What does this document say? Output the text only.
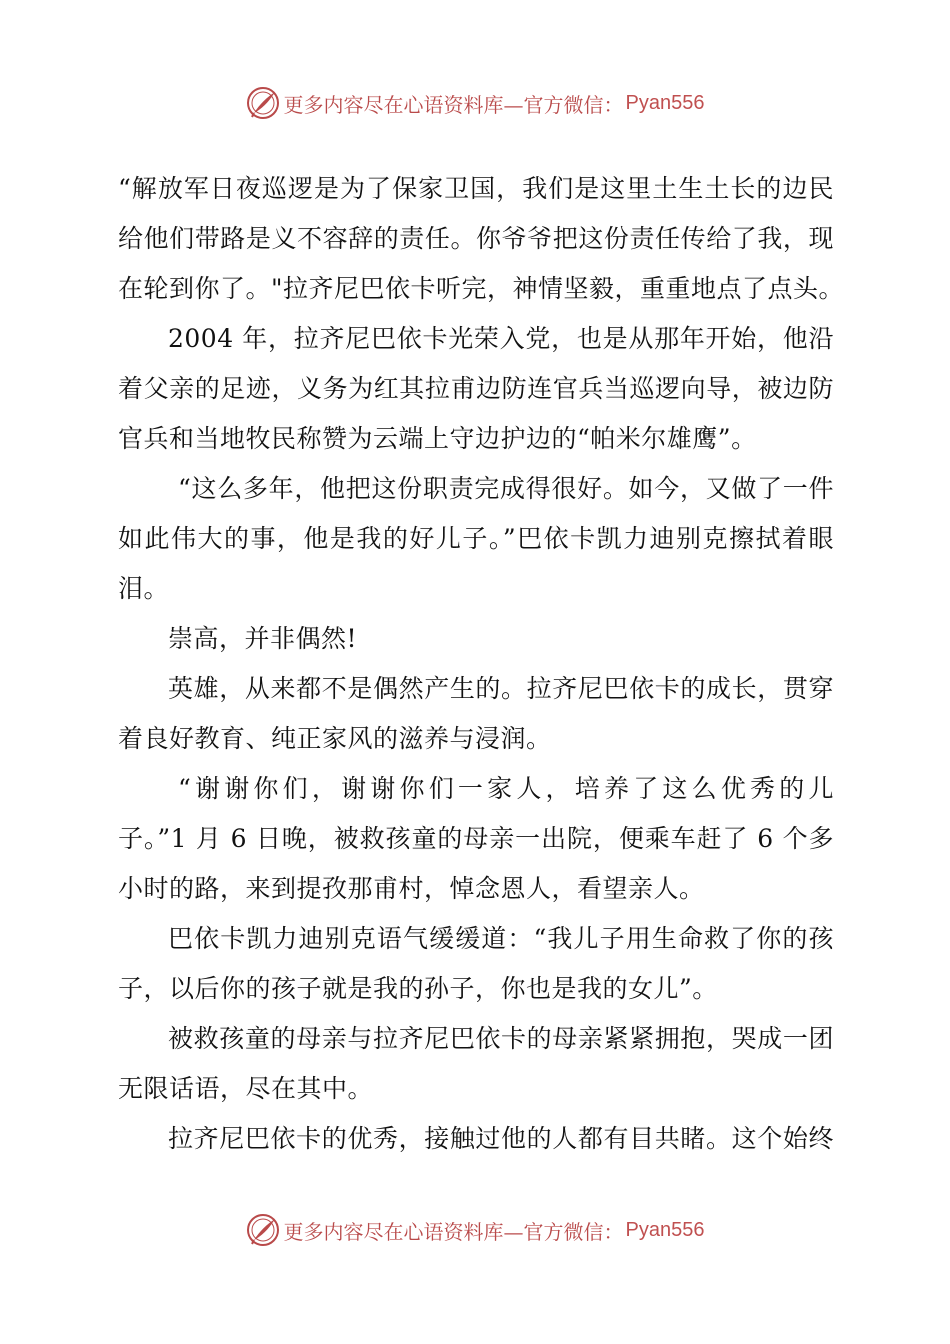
更多内容尽在心语资料库—官方微信： Pyan556
“解放军日夜巡逻是为了保家卫国，我们是这里土生土长的边民
给他们带路是义不容辞的责任。你爷爷把这份责任传给了我，现
在轮到你了。"拉齐尼巴依卡听完，神情坚毅，重重地点了点头。
2004 年，拉齐尼巴依卡光荣入党，也是从那年开始，他沿
着父亲的足迹，义务为红其拉甫边防连官兵当巡逻向导，被边防
官兵和当地牧民称赞为云端上守边护边的“帕米尔雄鹰”。
“这么多年，他把这份职责完成得很好。如今，又做了一件
如此伟大的事，他是我的好儿子。”巴依卡凯力迪别克擦拭着眼
泪。
崇高，并非偶然!
英雄，从来都不是偶然产生的。拉齐尼巴依卡的成长，贯穿
着良好教育、纯正家风的滋养与浸润。
“谢谢你们，谢谢你们一家人，培养了这么优秀的儿
子。”1 月 6 日晚，被救孩童的母亲一出院，便乘车赶了 6 个多
小时的路，来到提孜那甫村，悼念恩人，看望亲人。
巴依卡凯力迪别克语气缓缓道：“我儿子用生命救了你的孩
子，以后你的孩子就是我的孙子，你也是我的女儿”。
被救孩童的母亲与拉齐尼巴依卡的母亲紧紧拥抱，哭成一团
无限话语，尽在其中。
拉齐尼巴依卡的优秀，接触过他的人都有目共睹。这个始终
更多内容尽在心语资料库—官方微信： Pyan556
